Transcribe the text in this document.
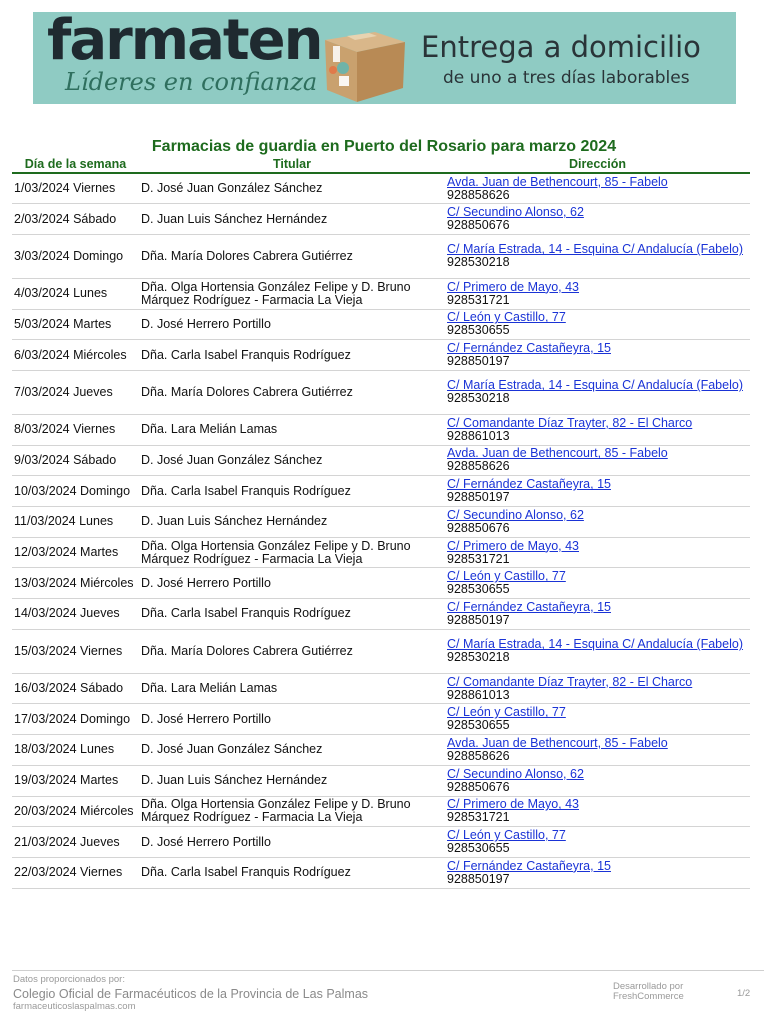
farmaten
Líderes en confianza
Entrega a domicilio
de uno a tres días laborables
Farmacias de guardia en Puerto del Rosario para marzo 2024
Día de la semana	Titular	Dirección
1/03/2024 Viernes	D. José Juan González Sánchez	Avda. Juan de Bethencourt, 85 - Fabelo
928858626
2/03/2024 Sábado	D. Juan Luis Sánchez Hernández	C/ Secundino Alonso, 62
928850676
3/03/2024 Domingo	Dña. María Dolores Cabrera Gutiérrez	C/ María Estrada, 14 - Esquina C/ Andalucía (Fabelo)
928530218
4/03/2024 Lunes	Dña. Olga Hortensia González Felipe y D. Bruno Márquez Rodríguez - Farmacia La Vieja	C/ Primero de Mayo, 43
928531721
5/03/2024 Martes	D. José Herrero Portillo	C/ León y Castillo, 77
928530655
6/03/2024 Miércoles	Dña. Carla Isabel Franquis Rodríguez	C/ Fernández Castañeyra, 15
928850197
7/03/2024 Jueves	Dña. María Dolores Cabrera Gutiérrez	C/ María Estrada, 14 - Esquina C/ Andalucía (Fabelo)
928530218
8/03/2024 Viernes	Dña. Lara Melián Lamas	C/ Comandante Díaz Trayter, 82 - El Charco
928861013
9/03/2024 Sábado	D. José Juan González Sánchez	Avda. Juan de Bethencourt, 85 - Fabelo
928858626
10/03/2024 Domingo	Dña. Carla Isabel Franquis Rodríguez	C/ Fernández Castañeyra, 15
928850197
11/03/2024 Lunes	D. Juan Luis Sánchez Hernández	C/ Secundino Alonso, 62
928850676
12/03/2024 Martes	Dña. Olga Hortensia González Felipe y D. Bruno Márquez Rodríguez - Farmacia La Vieja	C/ Primero de Mayo, 43
928531721
13/03/2024 Miércoles	D. José Herrero Portillo	C/ León y Castillo, 77
928530655
14/03/2024 Jueves	Dña. Carla Isabel Franquis Rodríguez	C/ Fernández Castañeyra, 15
928850197
15/03/2024 Viernes	Dña. María Dolores Cabrera Gutiérrez	C/ María Estrada, 14 - Esquina C/ Andalucía (Fabelo)
928530218
16/03/2024 Sábado	Dña. Lara Melián Lamas	C/ Comandante Díaz Trayter, 82 - El Charco
928861013
17/03/2024 Domingo	D. José Herrero Portillo	C/ León y Castillo, 77
928530655
18/03/2024 Lunes	D. José Juan González Sánchez	Avda. Juan de Bethencourt, 85 - Fabelo
928858626
19/03/2024 Martes	D. Juan Luis Sánchez Hernández	C/ Secundino Alonso, 62
928850676
20/03/2024 Miércoles	Dña. Olga Hortensia González Felipe y D. Bruno Márquez Rodríguez - Farmacia La Vieja	C/ Primero de Mayo, 43
928531721
21/03/2024 Jueves	D. José Herrero Portillo	C/ León y Castillo, 77
928530655
22/03/2024 Viernes	Dña. Carla Isabel Franquis Rodríguez	C/ Fernández Castañeyra, 15
928850197
Datos proporcionados por:
Colegio Oficial de Farmacéuticos de la Provincia de Las Palmas
farmaceuticoslaspalmas.com
Desarrollado por
FreshCommerce	1/2
